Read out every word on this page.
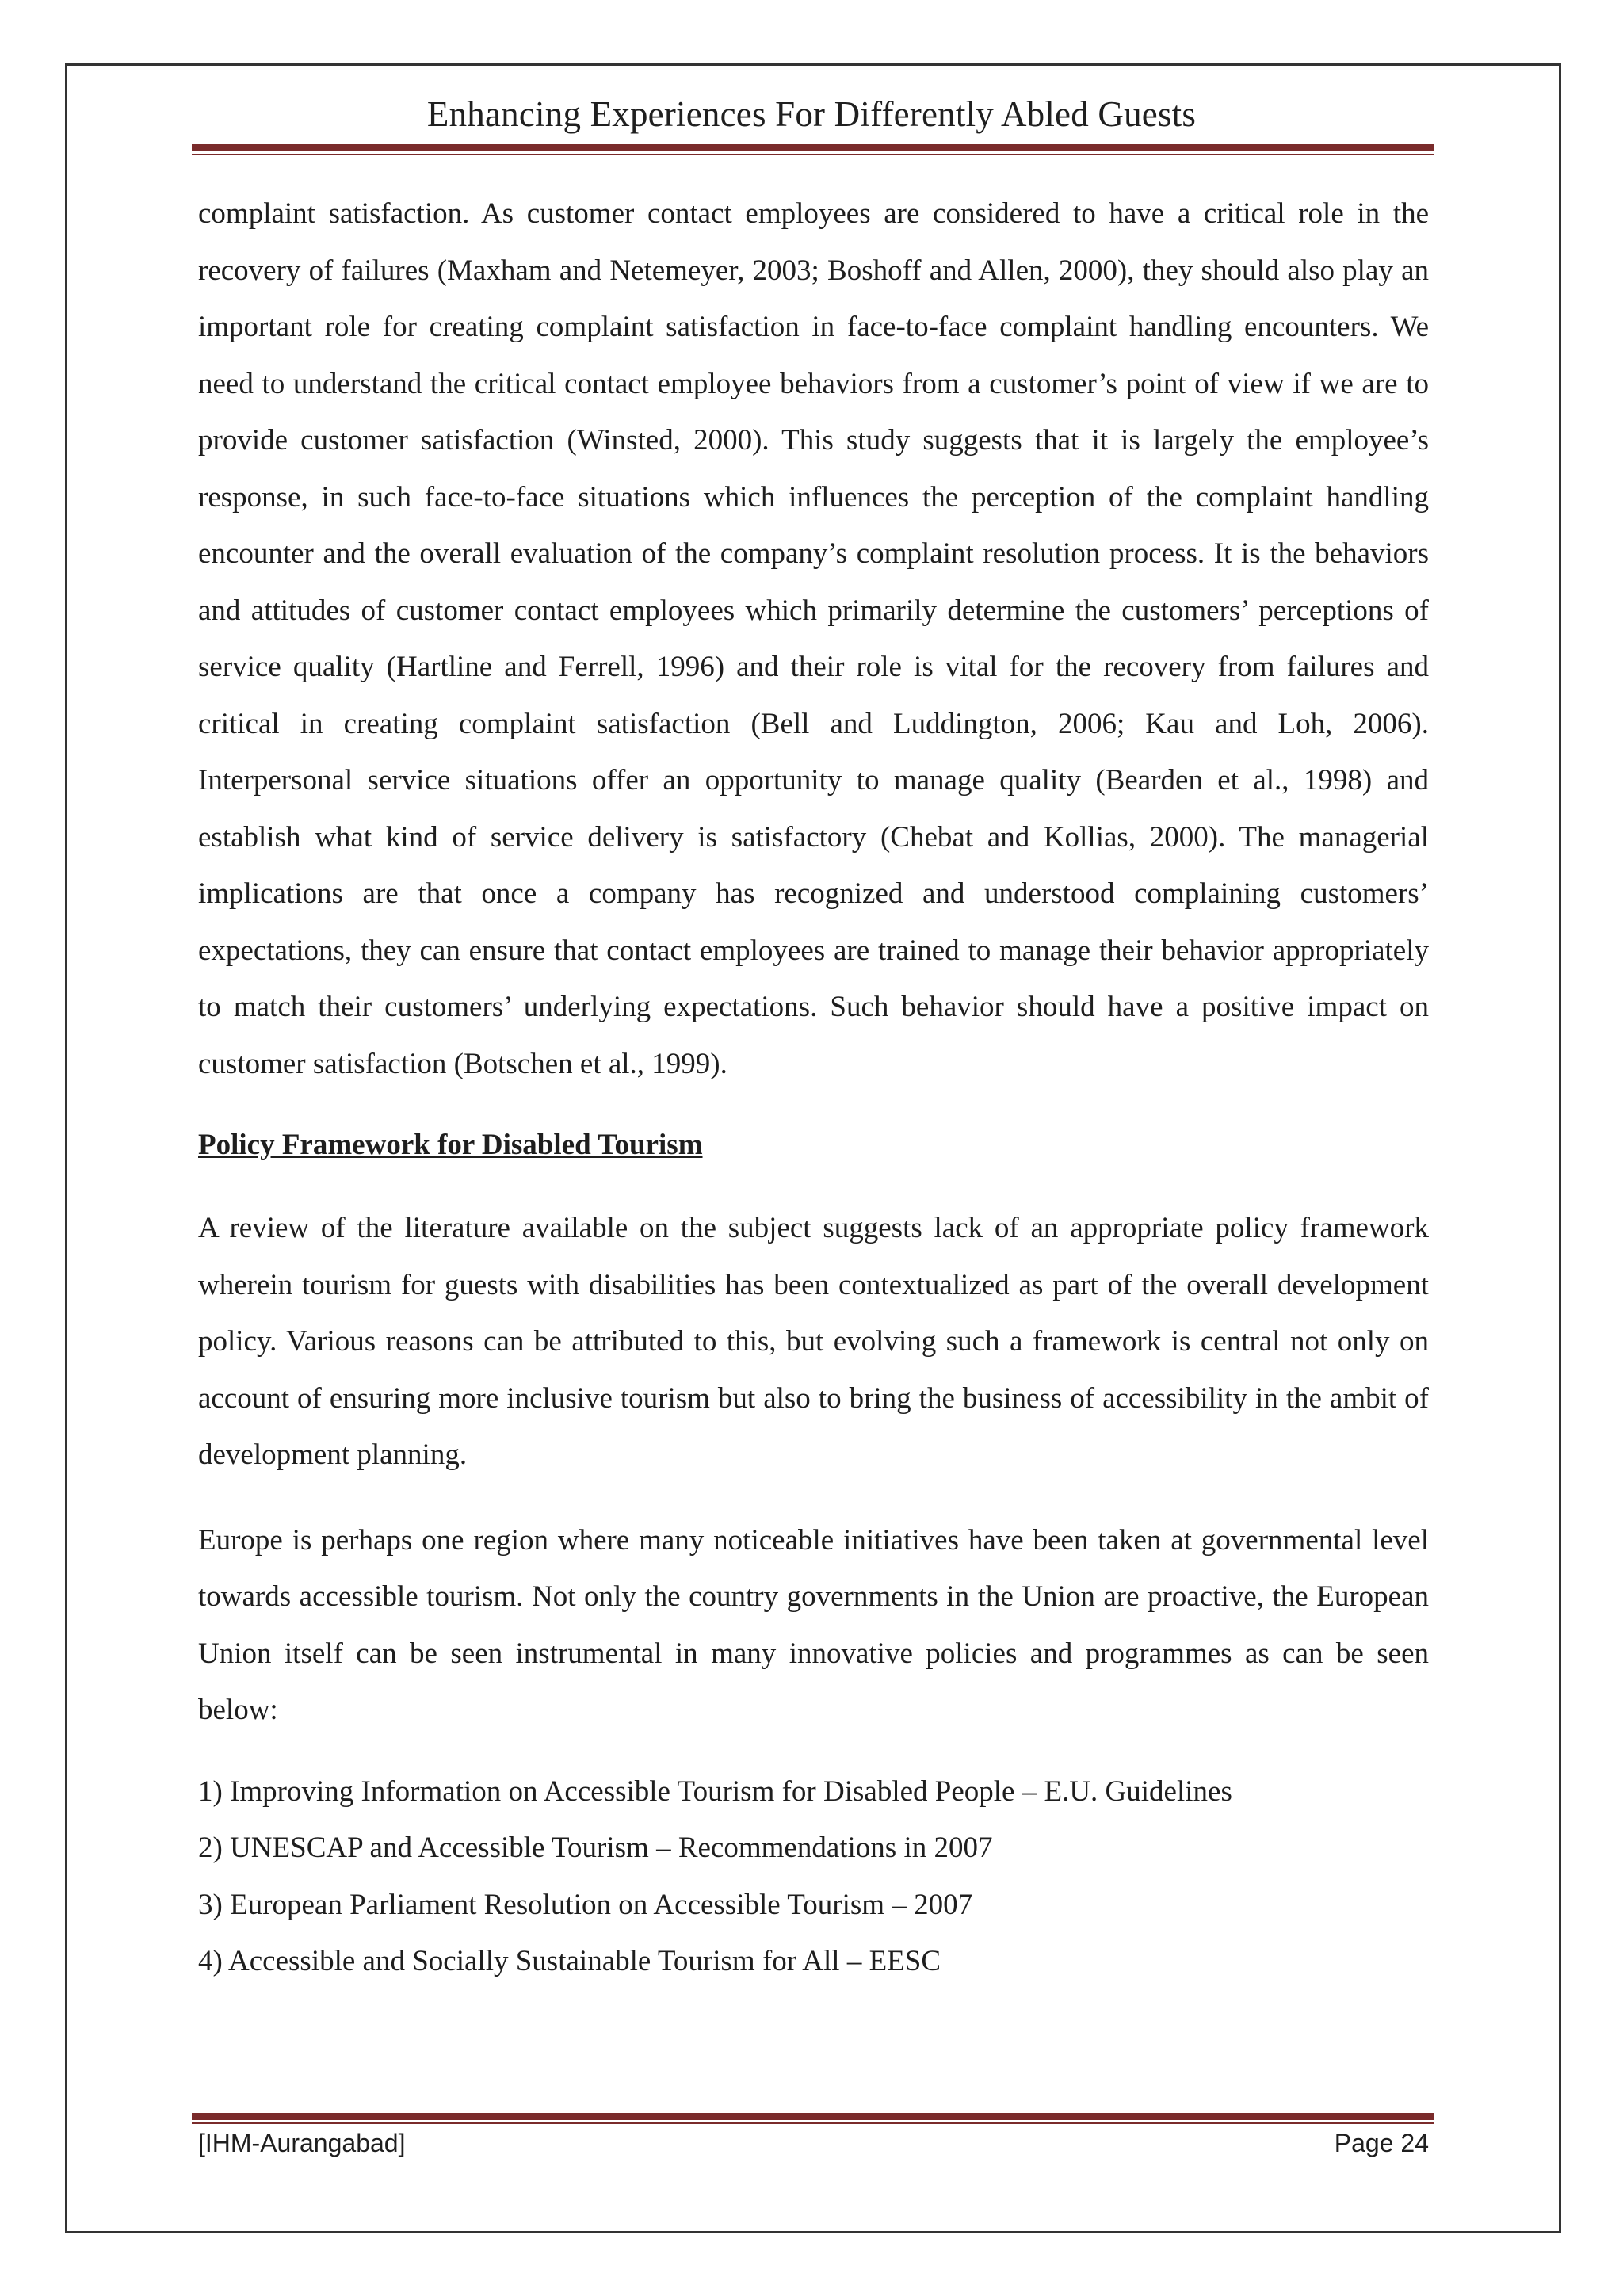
Enhancing Experiences For Differently Abled Guests

complaint satisfaction. As customer contact employees are considered to have a critical role in the recovery of failures (Maxham and Netemeyer, 2003; Boshoff and Allen, 2000), they should also play an important role for creating complaint satisfaction in face-to-face complaint handling encounters. We need to understand the critical contact employee behaviors from a customer’s point of view if we are to provide customer satisfaction (Winsted, 2000). This study suggests that it is largely the employee’s response, in such face-to-face situations which influences the perception of the complaint handling encounter and the overall evaluation of the company’s complaint resolution process. It is the behaviors and attitudes of customer contact employees which primarily determine the customers’ perceptions of service quality (Hartline and Ferrell, 1996) and their role is vital for the recovery from failures and critical in creating complaint satisfaction (Bell and Luddington, 2006; Kau and Loh, 2006). Interpersonal service situations offer an opportunity to manage quality (Bearden et al., 1998) and establish what kind of service delivery is satisfactory (Chebat and Kollias, 2000). The managerial implications are that once a company has recognized and understood complaining customers’ expectations, they can ensure that contact employees are trained to manage their behavior appropriately to match their customers’ underlying expectations. Such behavior should have a positive impact on customer satisfaction (Botschen et al., 1999).

Policy Framework for Disabled Tourism

A review of the literature available on the subject suggests lack of an appropriate policy framework wherein tourism for guests with disabilities has been contextualized as part of the overall development policy. Various reasons can be attributed to this, but evolving such a framework is central not only on account of ensuring more inclusive tourism but also to bring the business of accessibility in the ambit of development planning.

Europe is perhaps one region where many noticeable initiatives have been taken at governmental level towards accessible tourism. Not only the country governments in the Union are proactive, the European Union itself can be seen instrumental in many innovative policies and programmes as can be seen below:

1) Improving Information on Accessible Tourism for Disabled People – E.U. Guidelines
2) UNESCAP and Accessible Tourism – Recommendations in 2007
3) European Parliament Resolution on Accessible Tourism – 2007
4) Accessible and Socially Sustainable Tourism for All – EESC
[IHM-Aurangabad]	Page 24
